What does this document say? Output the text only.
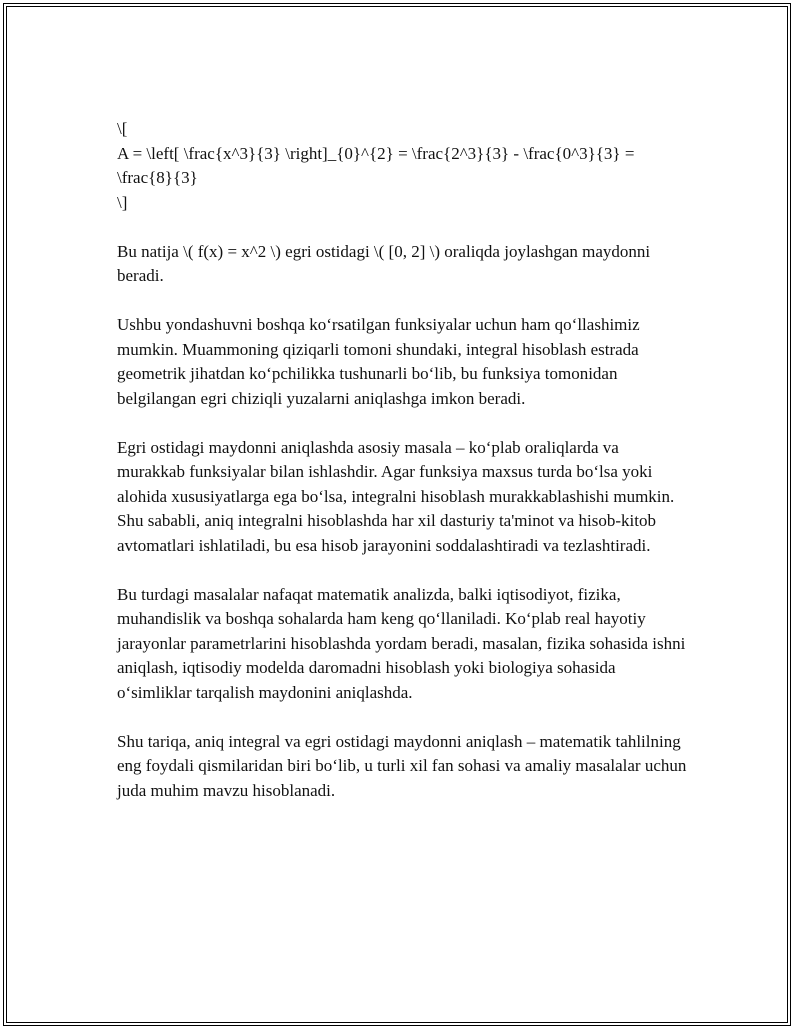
\[
A = \left[ \frac{x^3}{3} \right]_{0}^{2} = \frac{2^3}{3} - \frac{0^3}{3} = \frac{8}{3}
\]

Bu natija \( f(x) = x^2 \) egri ostidagi \( [0, 2] \) oraliqda joylashgan maydonni beradi.

Ushbu yondashuvni boshqa koʻrsatilgan funksiyalar uchun ham qoʻllashimiz mumkin. Muammoning qiziqarli tomoni shundaki, integral hisoblash estrada geometrik jihatdan koʻpchilikka tushunarli boʻlib, bu funksiya tomonidan belgilangan egri chiziqli yuzalarni aniqlashga imkon beradi.

Egri ostidagi maydonni aniqlashda asosiy masala – koʻplab oraliqlarda va murakkab funksiyalar bilan ishlashdir. Agar funksiya maxsus turda boʻlsa yoki alohida xususiyatlarga ega boʻlsa, integralni hisoblash murakkablashishi mumkin. Shu sababli, aniq integralni hisoblashda har xil dasturiy ta'minot va hisob-kitob avtomatlari ishlatiladi, bu esa hisob jarayonini soddalashtiradi va tezlashtiradi.

Bu turdagi masalalar nafaqat matematik analizda, balki iqtisodiyot, fizika, muhandislik va boshqa sohalarda ham keng qoʻllaniladi. Koʻplab real hayotiy jarayonlar parametrlarini hisoblashda yordam beradi, masalan, fizika sohasida ishni aniqlash, iqtisodiy modelda daromadni hisoblash yoki biologiya sohasida oʻsimliklar tarqalish maydonini aniqlashda.

Shu tariqa, aniq integral va egri ostidagi maydonni aniqlash – matematik tahlilning eng foydali qismilaridan biri boʻlib, u turli xil fan sohasi va amaliy masalalar uchun juda muhim mavzu hisoblanadi.
